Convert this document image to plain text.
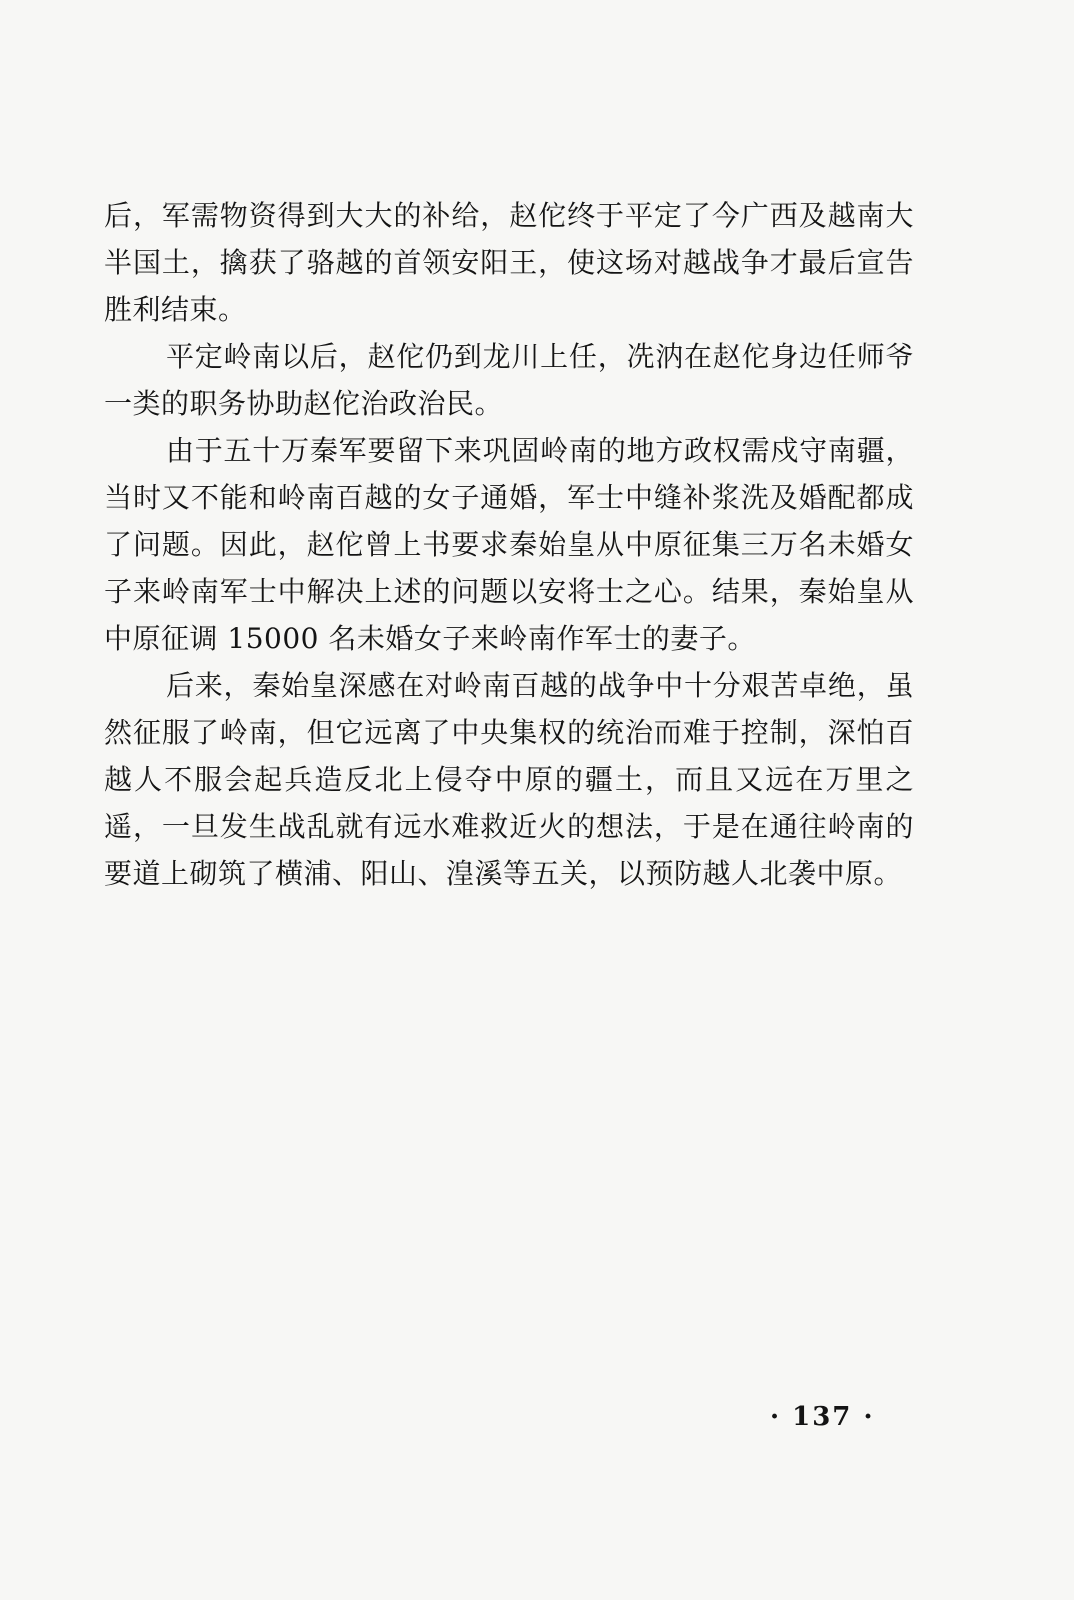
后，军需物资得到大大的补给，赵佗终于平定了今广西及越南大半国土，擒获了骆越的首领安阳王，使这场对越战争才最后宣告胜利结束。

平定岭南以后，赵佗仍到龙川上任，冼汭在赵佗身边任师爷一类的职务协助赵佗治政治民。

由于五十万秦军要留下来巩固岭南的地方政权需戍守南疆，当时又不能和岭南百越的女子通婚，军士中缝补浆洗及婚配都成了问题。因此，赵佗曾上书要求秦始皇从中原征集三万名未婚女子来岭南军士中解决上述的问题以安将士之心。结果，秦始皇从中原征调 15000 名未婚女子来岭南作军士的妻子。

后来，秦始皇深感在对岭南百越的战争中十分艰苦卓绝，虽然征服了岭南，但它远离了中央集权的统治而难于控制，深怕百越人不服会起兵造反北上侵夺中原的疆土，而且又远在万里之遥，一旦发生战乱就有远水难救近火的想法，于是在通往岭南的要道上砌筑了横浦、阳山、湟溪等五关，以预防越人北袭中原。

· 137 ·
